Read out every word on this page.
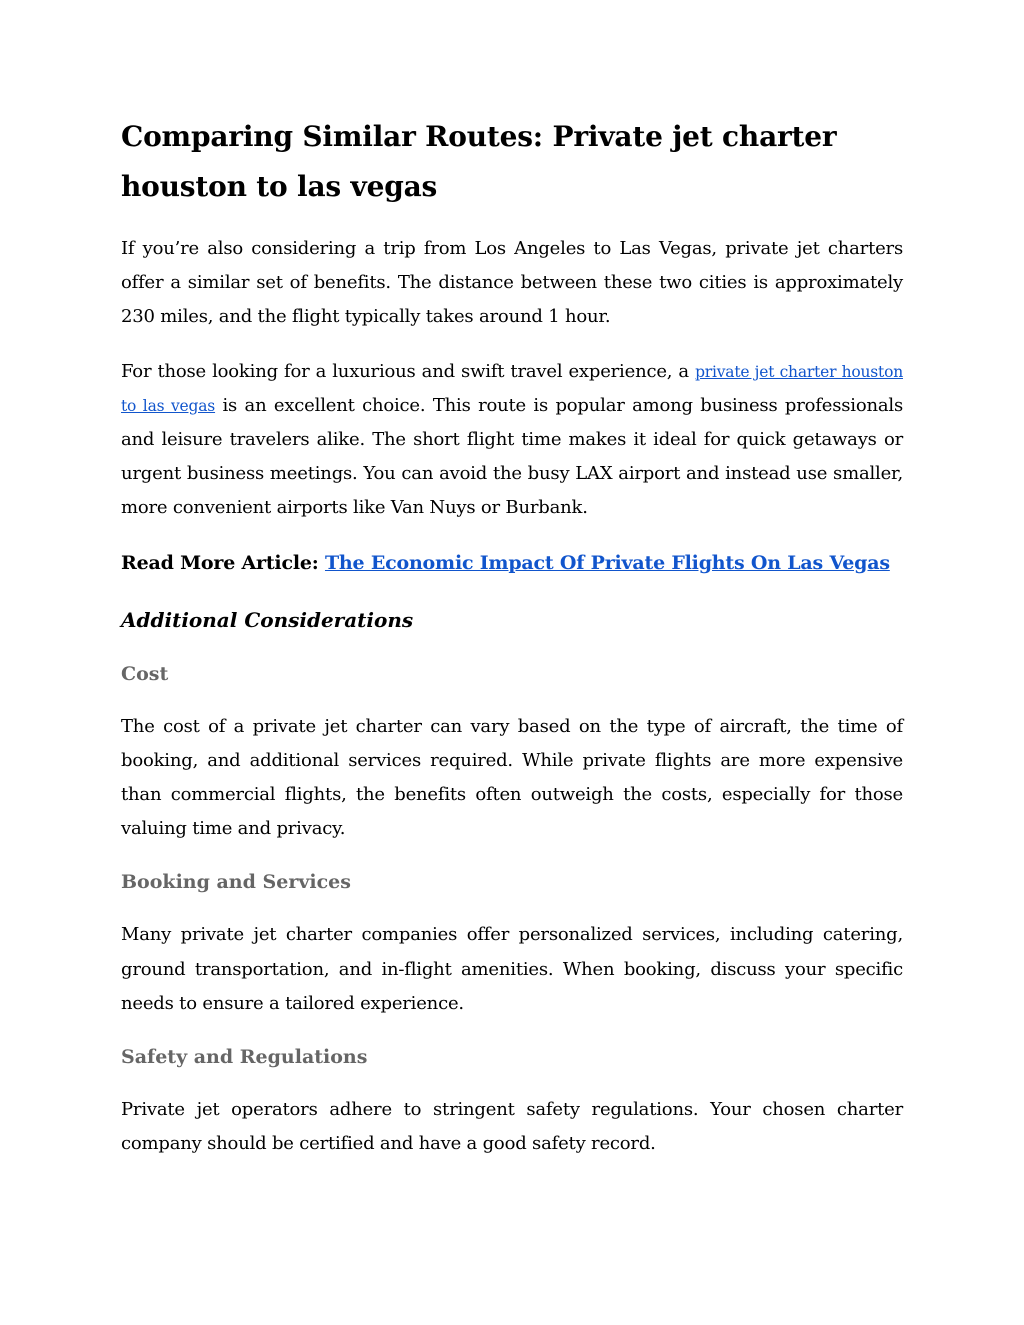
Comparing Similar Routes: Private jet charter houston to las vegas

If you’re also considering a trip from Los Angeles to Las Vegas, private jet charters offer a similar set of benefits. The distance between these two cities is approximately 230 miles, and the flight typically takes around 1 hour.

For those looking for a luxurious and swift travel experience, a private jet charter houston to las vegas is an excellent choice. This route is popular among business professionals and leisure travelers alike. The short flight time makes it ideal for quick getaways or urgent business meetings. You can avoid the busy LAX airport and instead use smaller, more convenient airports like Van Nuys or Burbank.

Read More Article: The Economic Impact Of Private Flights On Las Vegas

Additional Considerations
Cost

The cost of a private jet charter can vary based on the type of aircraft, the time of booking, and additional services required. While private flights are more expensive than commercial flights, the benefits often outweigh the costs, especially for those valuing time and privacy.

Booking and Services

Many private jet charter companies offer personalized services, including catering, ground transportation, and in-flight amenities. When booking, discuss your specific needs to ensure a tailored experience.

Safety and Regulations

Private jet operators adhere to stringent safety regulations. Your chosen charter company should be certified and have a good safety record.
